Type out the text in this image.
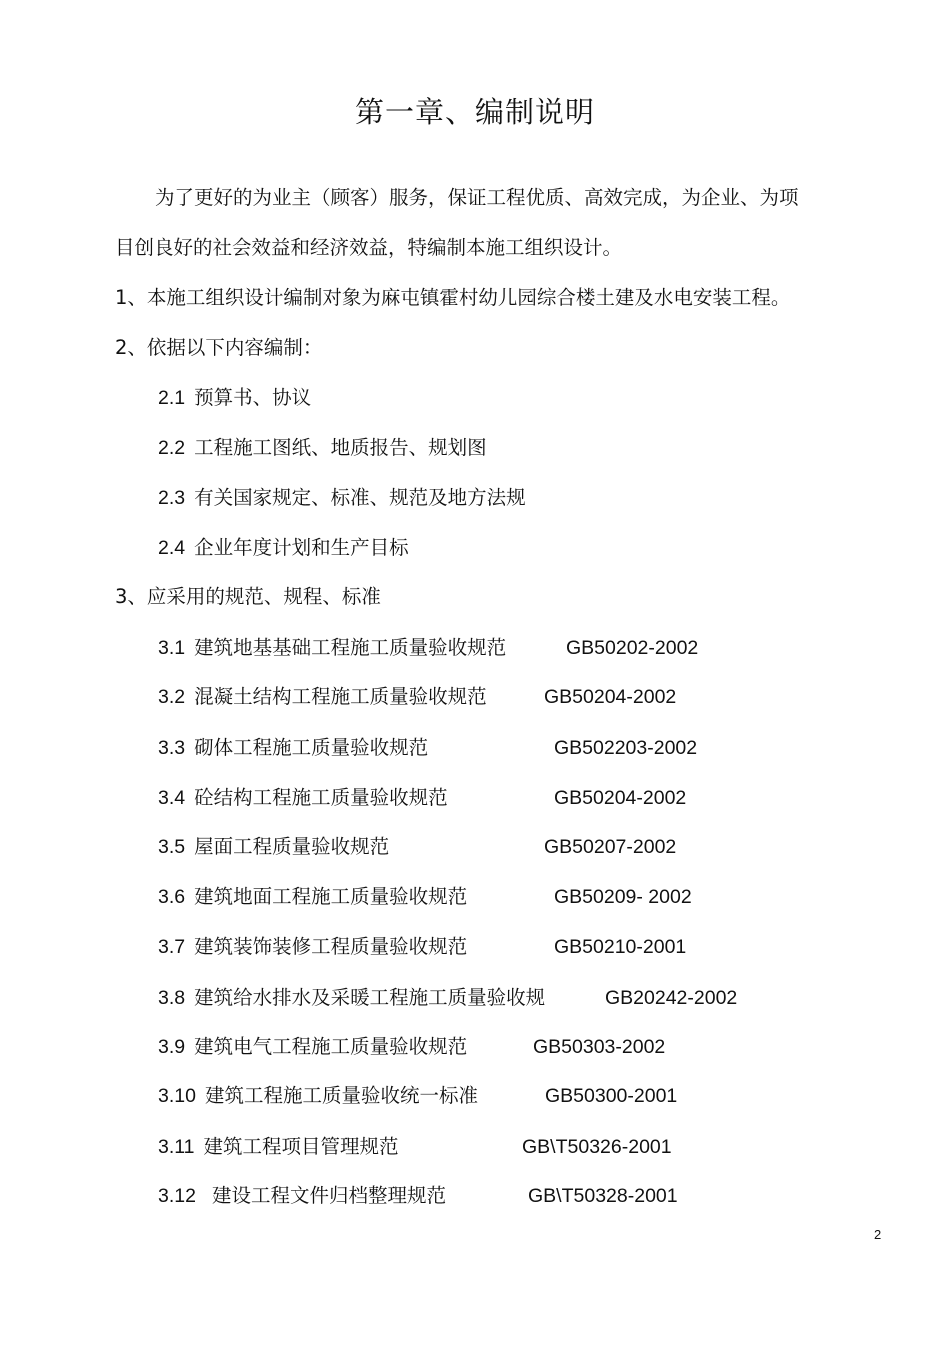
第一章、编制说明
为了更好的为业主（顾客）服务，保证工程优质、高效完成，为企业、为项
目创良好的社会效益和经济效益，特编制本施工组织设计。
1、本施工组织设计编制对象为麻屯镇霍村幼儿园综合楼土建及水电安装工程。
2、依据以下内容编制：
2.1 预算书、协议
2.2 工程施工图纸、地质报告、规划图
2.3 有关国家规定、标准、规范及地方法规
2.4 企业年度计划和生产目标
3、应采用的规范、规程、标准
3.1 建筑地基基础工程施工质量验收规范	GB50202-2002
3.2 混凝土结构工程施工质量验收规范	GB50204-2002
3.3 砌体工程施工质量验收规范	GB502203-2002
3.4 砼结构工程施工质量验收规范	GB50204-2002
3.5 屋面工程质量验收规范	GB50207-2002
3.6 建筑地面工程施工质量验收规范	GB50209- 2002
3.7 建筑装饰装修工程质量验收规范	GB50210-2001
3.8 建筑给水排水及采暖工程施工质量验收规	GB20242-2002
3.9 建筑电气工程施工质量验收规范	GB50303-2002
3.10 建筑工程施工质量验收统一标准	GB50300-2001
3.11 建筑工程项目管理规范	GB\T50326-2001
3.12 建设工程文件归档整理规范	GB\T50328-2001
2
